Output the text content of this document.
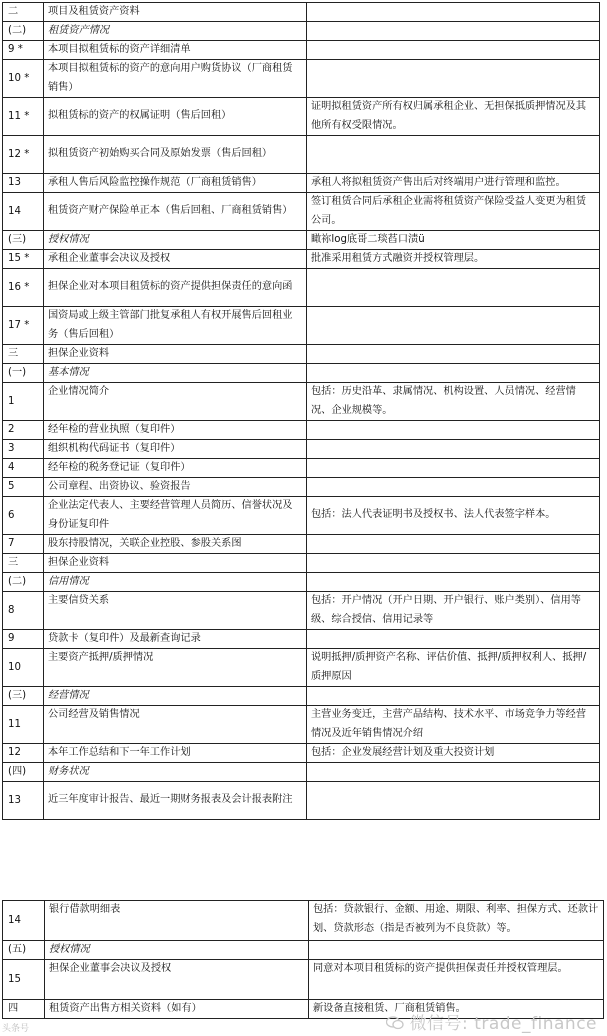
二	项目及租赁资产资料	
(二)	租赁资产情况	
9 *	本项目拟租赁标的资产详细清单	
10 *	本项目拟租赁标的资产的意向用户购货协议（厂商租赁销售）	
11 *	拟租赁标的资产的权属证明（售后回租）	证明拟租赁资产所有权归属承租企业、无担保抵质押情况及其他所有权受限情况。
12 *	拟租赁资产初始购买合同及原始发票（售后回租）	
13	承租人售后风险监控操作规范（厂商租赁销售）	承租人将拟租赁资产售出后对终端用户进行管理和监控。
14	租赁资产财产保险单正本（售后回租、厂商租赁销售）	签订租赁合同后承租企业需将租赁资产保险受益人变更为租赁公司。
(三)	授权情况	瞰祢log底哥二琰萏口渍ü
15 *	承租企业董事会决议及授权	批准采用租赁方式融资并授权管理层。
16 *	担保企业对本项目租赁标的资产提供担保责任的意向函	
17 *	国资局或上级主管部门批复承租人有权开展售后回租业务（售后回租）	
三	担保企业资料	
(一)	基本情况	
1	企业情况简介	包括：历史沿革、隶属情况、机构设置、人员情况、经营情况、企业规模等。
2	经年检的营业执照（复印件）	
3	组织机构代码证书（复印件）	
4	经年检的税务登记证（复印件）	
5	公司章程、出资协议、验资报告	
6	企业法定代表人、主要经营管理人员简历、信誉状况及身份证复印件	包括：法人代表证明书及授权书、法人代表签字样本。
7	股东持股情况，关联企业控股、参股关系图	
三	担保企业资料	
(二)	信用情况	
8	主要信贷关系	包括：开户情况（开户日期、开户银行、账户类别）、信用等级、综合授信、信用记录等
9	贷款卡（复印件）及最新查询记录	
10	主要资产抵押/质押情况	说明抵押/质押资产名称、评估价值、抵押/质押权利人、抵押/质押原因
(三)	经营情况	
11	公司经营及销售情况	主营业务变迁，主营产品结构、技术水平、市场竞争力等经营情况及近年销售情况介绍
12	本年工作总结和下一年工作计划	包括：企业发展经营计划及重大投资计划
(四)	财务状况	
13	近三年度审计报告、最近一期财务报表及会计报表附注	
14	银行借款明细表	包括：贷款银行、金额、用途、期限、利率、担保方式、还款计划、贷款形态（指是否被列为不良贷款）等。
(五)	授权情况	
15	担保企业董事会决议及授权	同意对本项目租赁标的资产提供担保责任并授权管理层。
四	租赁资产出售方相关资料（如有）	新设备直接租赁、厂商租赁销售。
头条号	微信号: trade_finance
